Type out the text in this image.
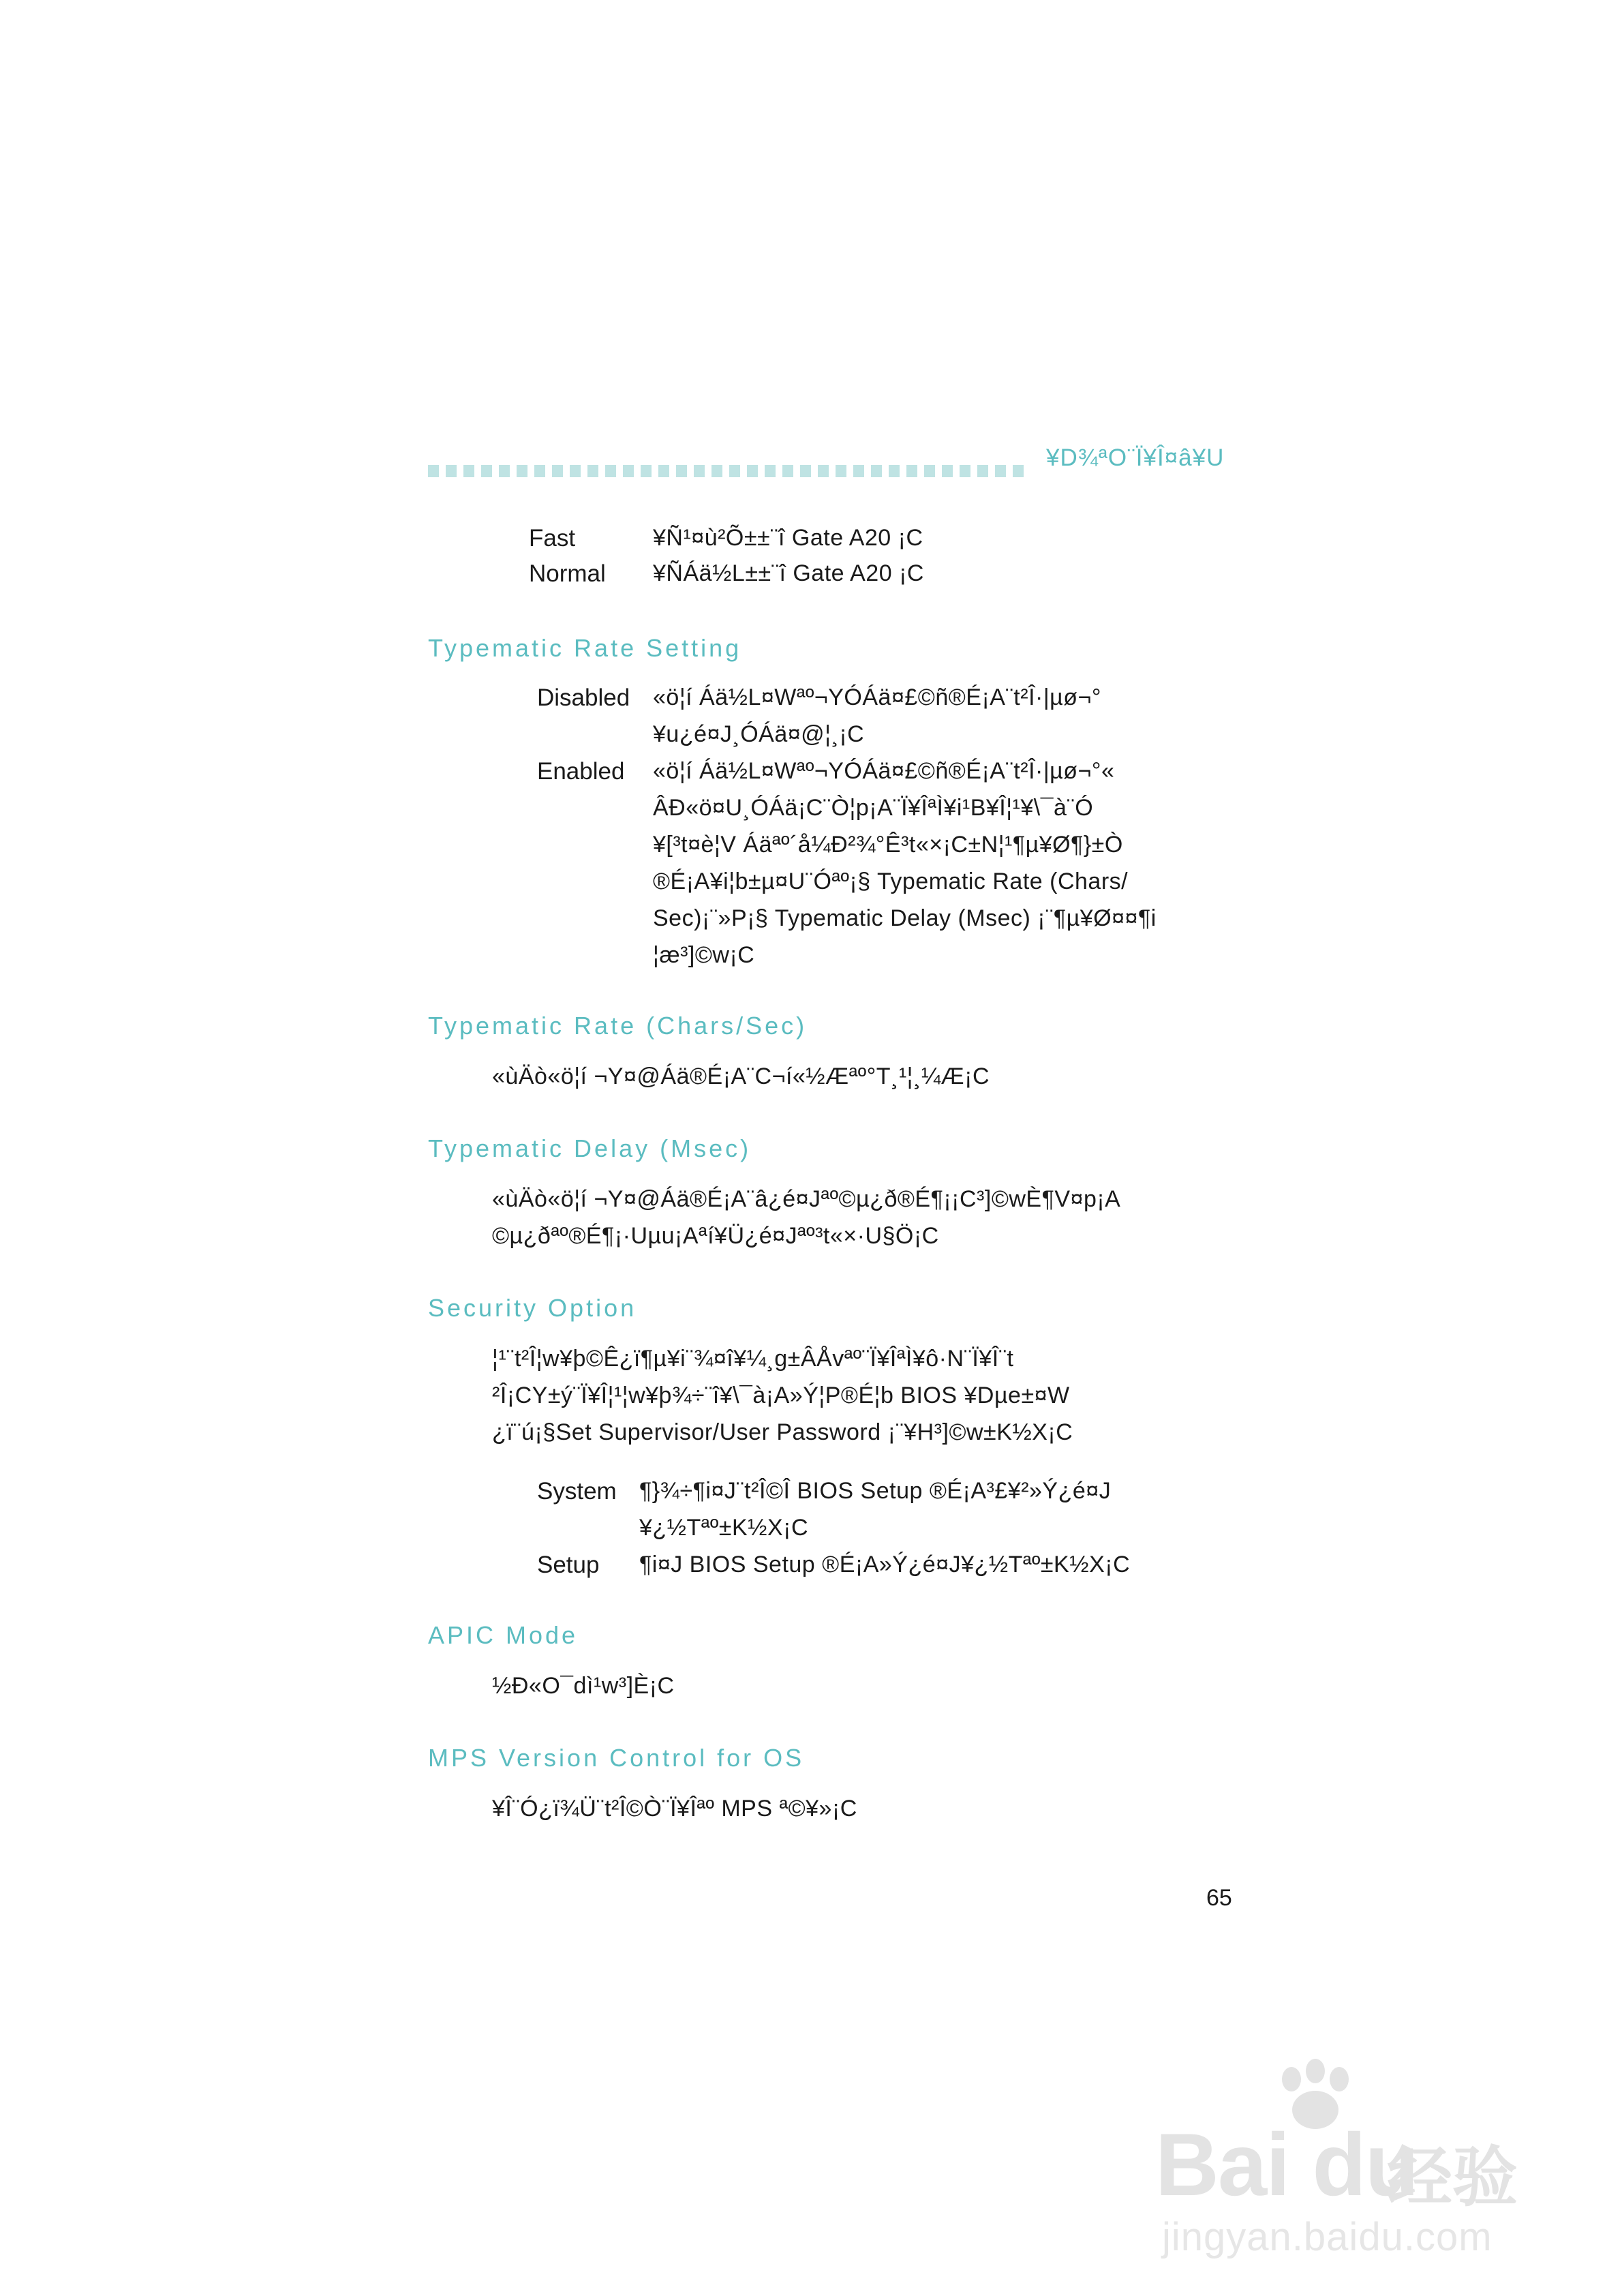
¥D¾ªO¨Ï¥Î¤â¥U
Fast	¥Ñ¹¤ù²Õ±±¨î Gate A20 ¡C
Normal ¥ÑÁä½L±±¨î Gate A20 ¡C
Typematic Rate Setting
Disabled «ö¦í Áä½L¤Wªº¬YÓÁä¤£©ñ®É¡A¨t²Î·|µø¬°
¥u¿é¤J¸ÓÁä¤@¦¸¡C
Enabled «ö¦í Áä½L¤Wªº¬YÓÁä¤£©ñ®É¡A¨t²Î·|µø¬°«
ÂÐ«ö¤U¸ÓÁä¡C¨Ò¦p¡A¨Ï¥ÎªÌ¥i¹B¥Î¦¹¥\¯à¨Ó
¥[³t¤è¦V Áäªº´å¼Ð²¾°Ê³t«×¡C±N¦¹¶µ¥Ø¶}±Ò
®É¡A¥i¦b±µ¤U¨Óªº¡§ Typematic Rate (Chars/
Sec)¡¨»P¡§ Typematic Delay (Msec) ¡¨¶µ¥Ø¤¤¶i
¦æ³]©w¡C
Typematic Rate (Chars/Sec)
«ùÄò«ö¦í ¬Y¤@Áä®É¡A¨C¬í«½Æªº°T¸¹¦¸¼Æ¡C
Typematic Delay (Msec)
«ùÄò«ö¦í ¬Y¤@Áä®É¡A¨â¿é¤Jªº©µ¿ð®É¶¡¡C³]©wÈ¶V¤p¡A
©µ¿ðªº®É¶¡·Uµu¡Aªí¥Ü¿é¤Jªº³t«×·U§Ö¡C
Security Option
¦¹¨t²Î¦w¥þ©Ê¿ï¶µ¥i¨¾¤î¥¼¸g±ÂÅvªº¨Ï¥ÎªÌ¥ô·N¨Ï¥Î¨t
²Î¡CY±ý¨Ï¥Î¦¹¦w¥þ¾÷¨î¥\¯à¡A»Ý¦P®É¦b BIOS ¥Dµe±¤W
¿ï¨ú¡§Set Supervisor/User Password ¡¨¥H³]©w±K½X¡C
System ¶}¾÷¶i¤J¨t²Î©Î BIOS Setup ®É¡A³£¥²»Ý¿é¤J
¥¿½Tªº±K½X¡C
Setup ¶i¤J BIOS Setup ®É¡A»Ý¿é¤J¥¿½Tªº±K½X¡C
APIC Mode
½Ð«O¯dì¹w³]È¡C
MPS Version Control for OS
¥Î¨Ó¿ï¾Ü¨t²Î©Ò¨Ï¥Îªº MPS ª©¥»¡C
65
Bai du
经验
jingyan.baidu.com
